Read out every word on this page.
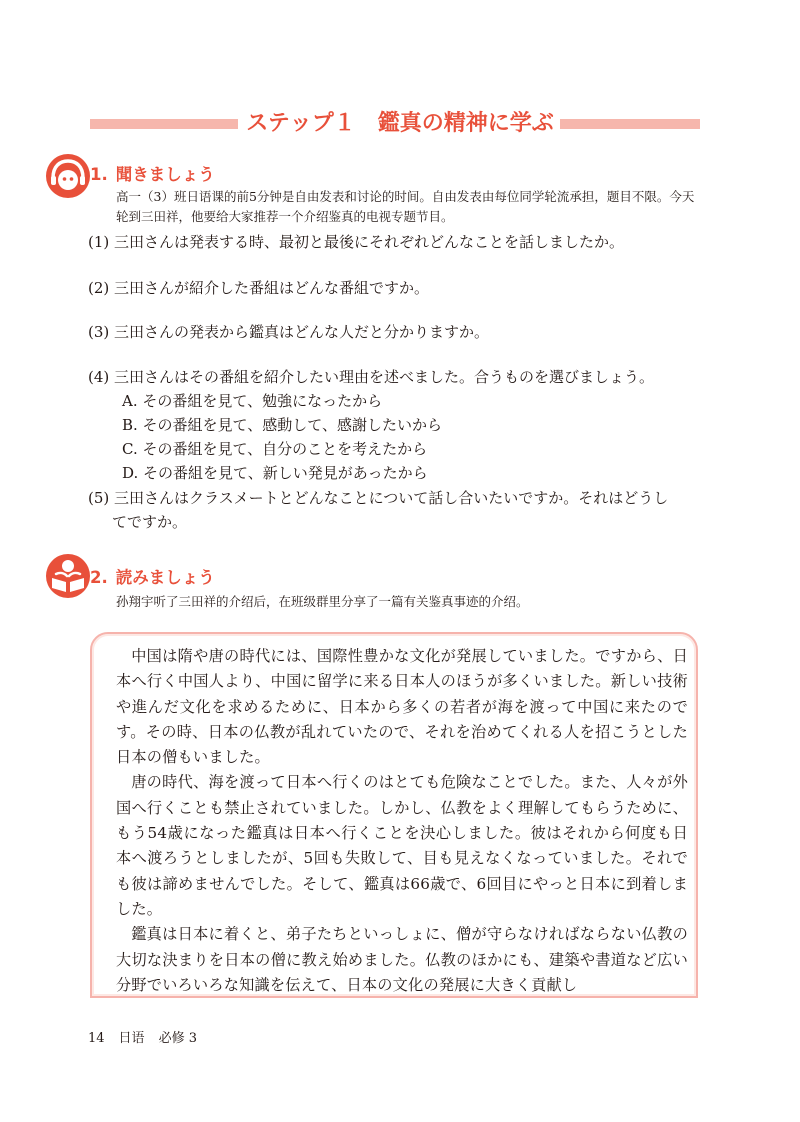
ステップ１　鑑真の精神に学ぶ
1. 聞きましょう
高一（3）班日语课的前5分钟是自由发表和讨论的时间。自由发表由每位同学轮流承担，题目不限。今天轮到三田祥，他要给大家推荐一个介绍鉴真的电视专题节目。
(1) 三田さんは発表する時、最初と最後にそれぞれどんなことを話しましたか。
(2) 三田さんが紹介した番組はどんな番組ですか。
(3) 三田さんの発表から鑑真はどんな人だと分かりますか。
(4) 三田さんはその番組を紹介したい理由を述べました。合うものを選びましょう。
A. その番組を見て、勉強になったから
B. その番組を見て、感動して、感謝したいから
C. その番組を見て、自分のことを考えたから
D. その番組を見て、新しい発見があったから
(5) 三田さんはクラスメートとどんなことについて話し合いたいですか。それはどうし
てですか。
2. 読みましょう
孙翔宇听了三田祥的介绍后，在班级群里分享了一篇有关鉴真事迹的介绍。

中国は隋や唐の時代には、国際性豊かな文化が発展していました。ですから、日本へ行く中国人より、中国に留学に来る日本人のほうが多くいました。新しい技術や進んだ文化を求めるために、日本から多くの若者が海を渡って中国に来たのです。その時、日本の仏教が乱れていたので、それを治めてくれる人を招こうとした日本の僧もいました。

唐の時代、海を渡って日本へ行くのはとても危険なことでした。また、人々が外国へ行くことも禁止されていました。しかし、仏教をよく理解してもらうために、もう54歳になった鑑真は日本へ行くことを決心しました。彼はそれから何度も日本へ渡ろうとしましたが、5回も失敗して、目も見えなくなっていました。それでも彼は諦めませんでした。そして、鑑真は66歳で、6回目にやっと日本に到着しました。

鑑真は日本に着くと、弟子たちといっしょに、僧が守らなければならない仏教の大切な決まりを日本の僧に教え始めました。仏教のほかにも、建築や書道など広い分野でいろいろな知識を伝えて、日本の文化の発展に大きく貢献し

14 日语 必修 3
